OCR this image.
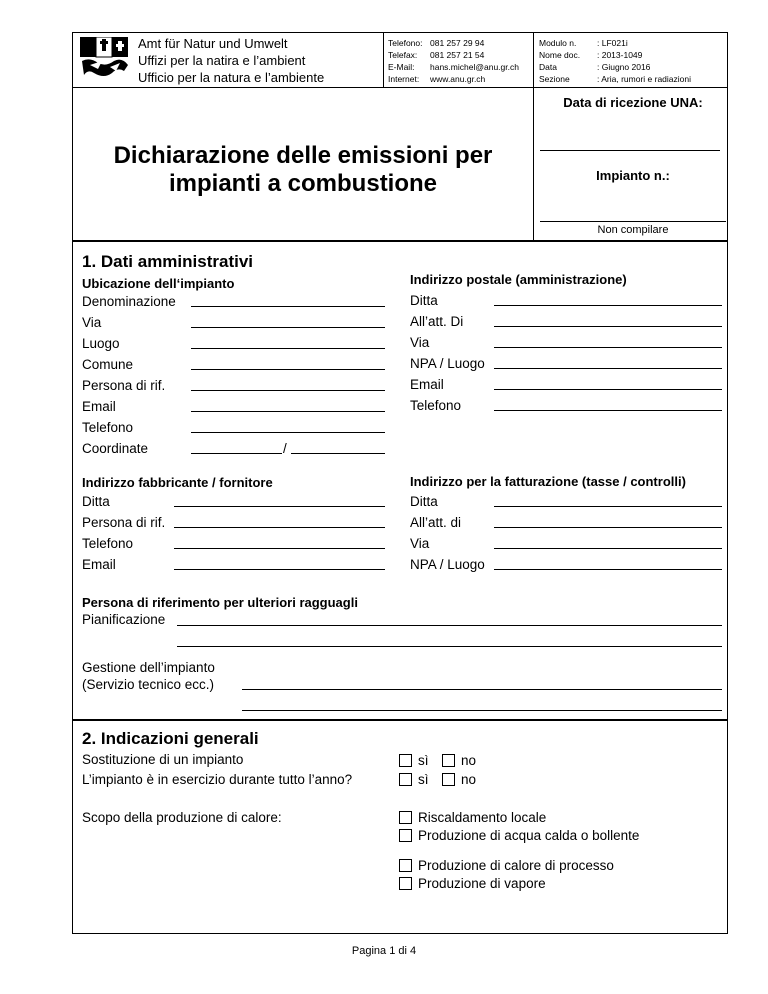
Amt für Natur und Umwelt
Uffizi per la natira e l’ambient
Ufficio per la natura e l’ambiente
Telefono: 081 257 29 94
Telefax: 081 257 21 54
E-Mail: hans.michel@anu.gr.ch
Internet: www.anu.gr.ch
Modulo n. : LF021i
Nome doc. : 2013-1049
Data	: Giugno 2016
Sezione	: Aria, rumori e radiazioni
Dichiarazione delle emissioni per
impianti a combustione
Data di ricezione UNA:
Impianto n.:
Non compilare
1. Dati amministrativi
Ubicazione dell‘impianto	Indirizzo postale (amministrazione)
Denominazione
Via
Luogo
Comune
Persona di rif.
Email
Telefono
Coordinate	/
Ditta
All’att. Di
Via
NPA / Luogo
Email
Telefono
Indirizzo fabbricante / fornitore	Indirizzo per la fatturazione (tasse / controlli)
Ditta
Persona di rif.
Telefono
Email
Ditta
All’att. di
Via
NPA / Luogo
Persona di riferimento per ulteriori ragguagli
Pianificazione
Gestione dell’impianto
(Servizio tecnico ecc.)
2. Indicazioni generali
Sostituzione di un impianto	sì no
L’impianto è in esercizio durante tutto l’anno?	sì no
Scopo della produzione di calore:	Riscaldamento locale
Produzione di acqua calda o bollente
Produzione di calore di processo
Produzione di vapore
Pagina 1 di 4
